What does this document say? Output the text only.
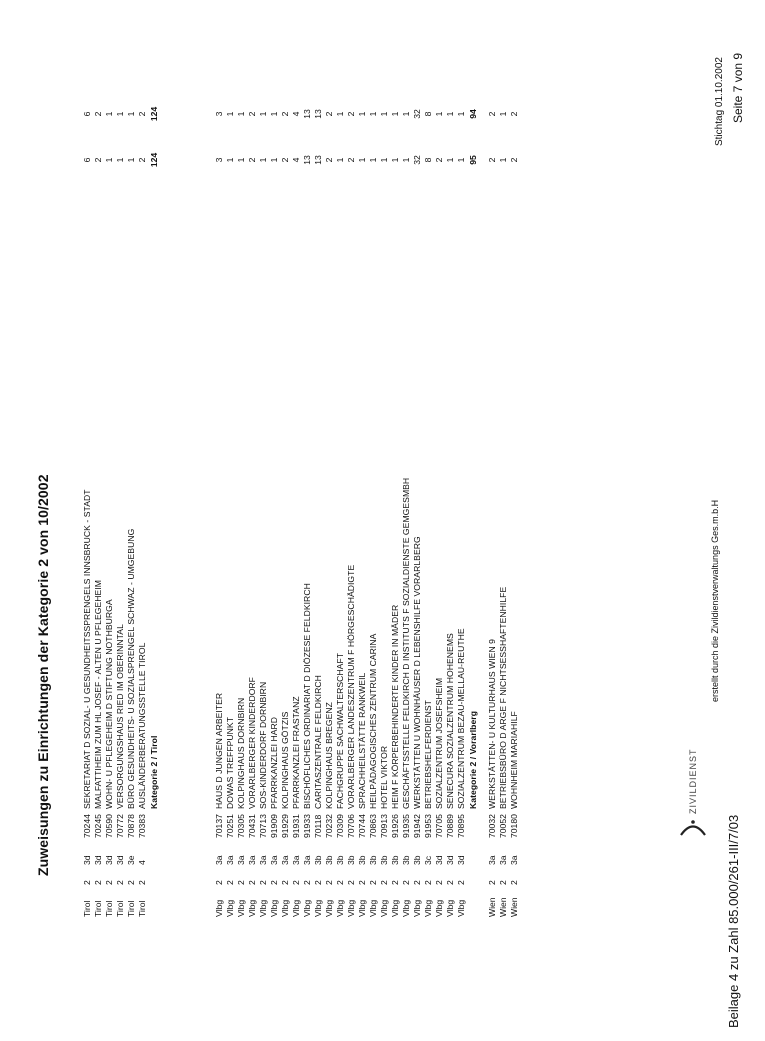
Zuweisungen zu Einrichtungen der Kategorie 2 von 10/2002
Beilage 4 zu Zahl 85.000/261-III/7/03
ZIVILDIENST
erstellt durch die Zivildienstverwaltungs Ges.m.b.H
Stichtag 01.10.2002 Seite 7 von 9
Tirol
2
3d
70244
SEKRETARIAT D SOZIAL- U GESUNDHEITSSPRENGELS INNSBRUCK - STADT
6
6
Tirol
2
3d
70245
MALFATTIHEIM ZUM HL JOSEF - ALTEN U PFLEGEHEIM
2
2
Tirol
2
3d
70590
WOHN- U PFLEGEHEIM D STIFTUNG NOTHBURGA
1
1
Tirol
2
3d
70772
VERSORGUNGSHAUS RIED IM OBERINNTAL
1
1
Tirol
2
3e
70878
BÜRO GESUNDHEITS- U SOZIALSPRENGEL SCHWAZ - UMGEBUNG
1
1
Tirol
2
4
70383
AUSLÄNDERBERATUNGSSTELLE TIROL
2
2
Kategorie 2 / Tirol
124
124
Vlbg
2
3a
70137
HAUS D JUNGEN ARBEITER
3
3
Vlbg
2
3a
70251
DOWAS TREFFPUNKT
1
1
Vlbg
2
3a
70305
KOLPINGHAUS DORNBIRN
1
1
Vlbg
2
3a
70431
VORARLBERGER KINDERDORF
2
2
Vlbg
2
3a
70713
SOS-KINDERDORF DORNBIRN
1
1
Vlbg
2
3a
91909
PFARRKANZLEI HARD
1
1
Vlbg
2
3a
91929
KOLPINGHAUS GÖTZIS
2
2
Vlbg
2
3a
91931
PFARRKANZLEI FRASTANZ
4
4
Vlbg
2
3a
91933
BISCHÖFLICHES ORDINARIAT D DIÖZESE FELDKIRCH
13
13
Vlbg
2
3b
70118
CARITASZENTRALE FELDKIRCH
13
13
Vlbg
2
3b
70232
KOLPINGHAUS BREGENZ
2
2
Vlbg
2
3b
70309
FACHGRUPPE SACHWALTERSCHAFT
1
1
Vlbg
2
3b
70706
VORARLBERGER LANDESZENTRUM F HÖRGESCHÄDIGTE
2
2
Vlbg
2
3b
70744
SPRACHHEILSTÄTTE RANKWEIL
1
1
Vlbg
2
3b
70863
HEILPÄDAGOGISCHES ZENTRUM CARINA
1
1
Vlbg
2
3b
70913
HOTEL VIKTOR
1
1
Vlbg
2
3b
91926
HEIM F KÖRPERBEHINDERTE KINDER IN MÄDER
1
1
Vlbg
2
3b
91935
GESCHÄFTSSTELLE FELDKIRCH D INSTITUTS F SOZIALDIENSTE GEMGESMBH
1
1
Vlbg
2
3b
91942
WERKSTÄTTEN U WOHNHÄUSER D LEBENSHILFE VORARLBERG
32
32
Vlbg
2
3c
91953
BETRIEBSHELFERDIENST
8
8
Vlbg
2
3d
70705
SOZIALZENTRUM JOSEFSHEIM
2
1
Vlbg
2
3d
70889
SENECURA SOZIALZENTRUM HOHENEMS
1
1
Vlbg
2
3d
70895
SOZIALZENTRUM BEZAU-MELLAU-REUTHE
1
1
Kategorie 2 / Vorarlberg
95
94
Wien
2
3a
70032
WERKSTÄTTEN- U KULTURHAUS WIEN 9
2
2
Wien
2
3a
70052
BETRIEBSBÜRO D ARGE F NICHTSESSHAFTENHILFE
1
1
Wien
2
3a
70180
WOHNHEIM MARIAHILF
2
2
